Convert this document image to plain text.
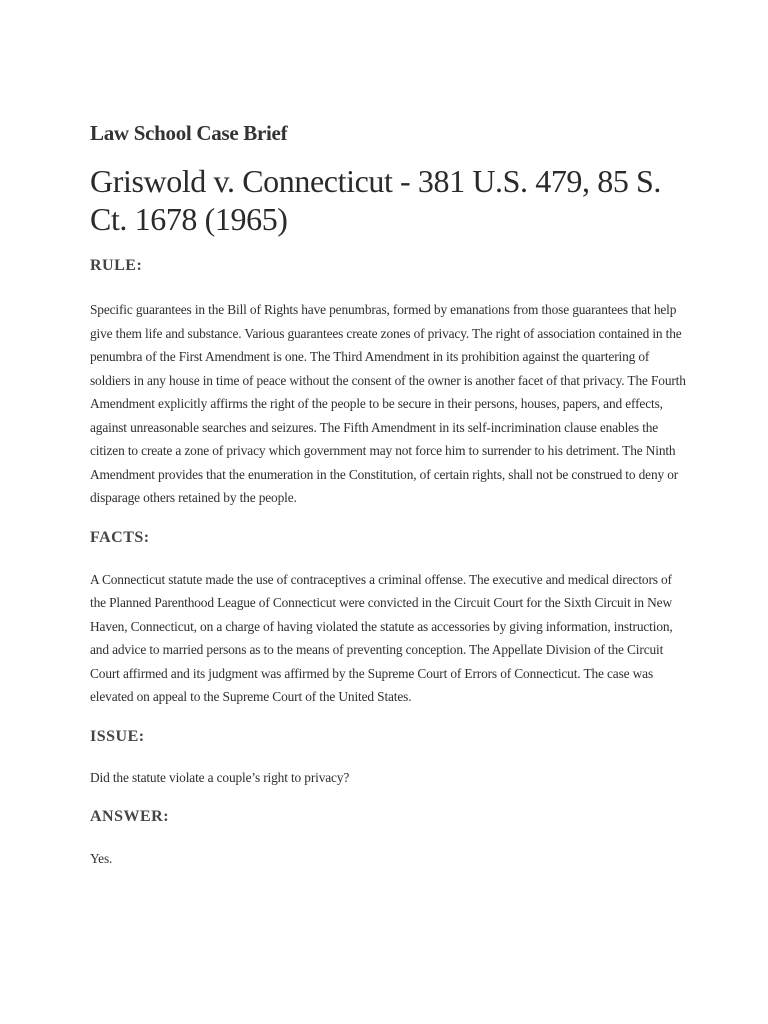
Law School Case Brief
Griswold v. Connecticut - 381 U.S. 479, 85 S. Ct. 1678 (1965)
RULE:

Specific guarantees in the Bill of Rights have penumbras, formed by emanations from those guarantees that help give them life and substance. Various guarantees create zones of privacy. The right of association contained in the penumbra of the First Amendment is one. The Third Amendment in its prohibition against the quartering of soldiers in any house in time of peace without the consent of the owner is another facet of that privacy. The Fourth Amendment explicitly affirms the right of the people to be secure in their persons, houses, papers, and effects, against unreasonable searches and seizures. The Fifth Amendment in its self-incrimination clause enables the citizen to create a zone of privacy which government may not force him to surrender to his detriment. The Ninth Amendment provides that the enumeration in the Constitution, of certain rights, shall not be construed to deny or disparage others retained by the people.

FACTS:

A Connecticut statute made the use of contraceptives a criminal offense. The executive and medical directors of the Planned Parenthood League of Connecticut were convicted in the Circuit Court for the Sixth Circuit in New Haven, Connecticut, on a charge of having violated the statute as accessories by giving information, instruction, and advice to married persons as to the means of preventing conception. The Appellate Division of the Circuit Court affirmed and its judgment was affirmed by the Supreme Court of Errors of Connecticut. The case was elevated on appeal to the Supreme Court of the United States.

ISSUE:

Did the statute violate a couple’s right to privacy?

ANSWER:

Yes.
